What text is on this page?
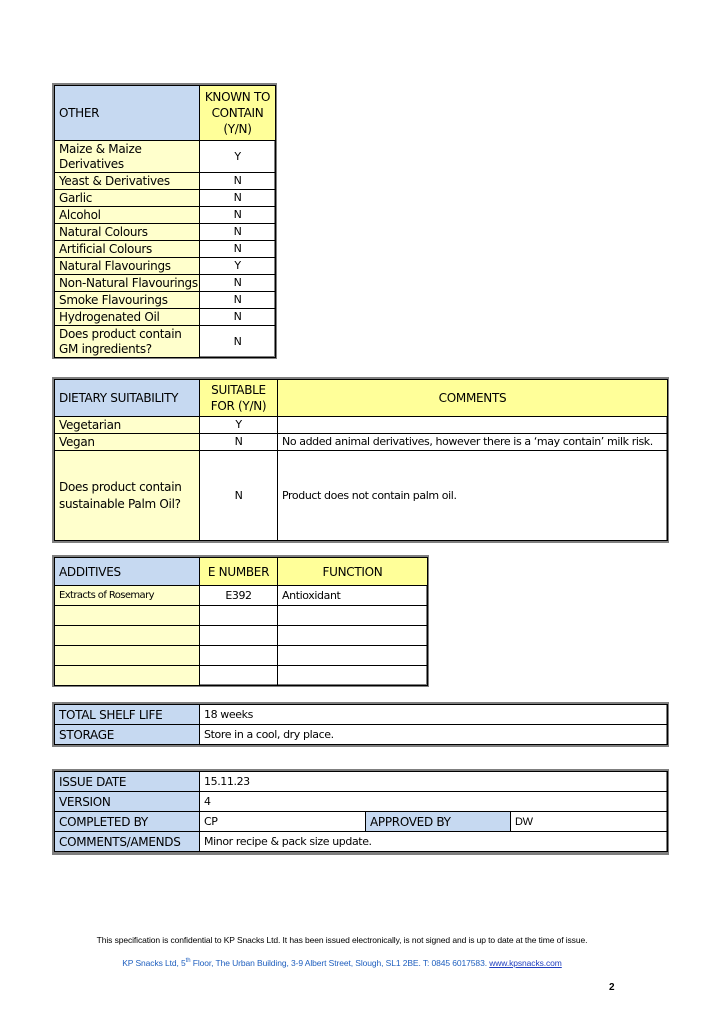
OTHER	KNOWN TO CONTAIN (Y/N)
Maize & Maize Derivatives	Y
Yeast & Derivatives	N
Garlic	N
Alcohol	N
Natural Colours	N
Artificial Colours	N
Natural Flavourings	Y
Non-Natural Flavourings	N
Smoke Flavourings	N
Hydrogenated Oil	N
Does product contain GM ingredients?	N
DIETARY SUITABILITY	SUITABLE FOR (Y/N)	COMMENTS
Vegetarian	Y	
Vegan	N	No added animal derivatives, however there is a ‘may contain’ milk risk.
Does product contain sustainable Palm Oil?	N	Product does not contain palm oil.
ADDITIVES	E NUMBER	FUNCTION
Extracts of Rosemary	E392	Antioxidant

TOTAL SHELF LIFE	18 weeks
STORAGE	Store in a cool, dry place.
ISSUE DATE	15.11.23		
VERSION	4		
COMPLETED BY	CP	APPROVED BY	DW
COMMENTS/AMENDS	Minor recipe & pack size update.		
This specification is confidential to KP Snacks Ltd. It has been issued electronically, is not signed and is up to date at the time of issue.
KP Snacks Ltd, 5th Floor, The Urban Building, 3-9 Albert Street, Slough, SL1 2BE. T: 0845 6017583. www.kpsnacks.com
2
